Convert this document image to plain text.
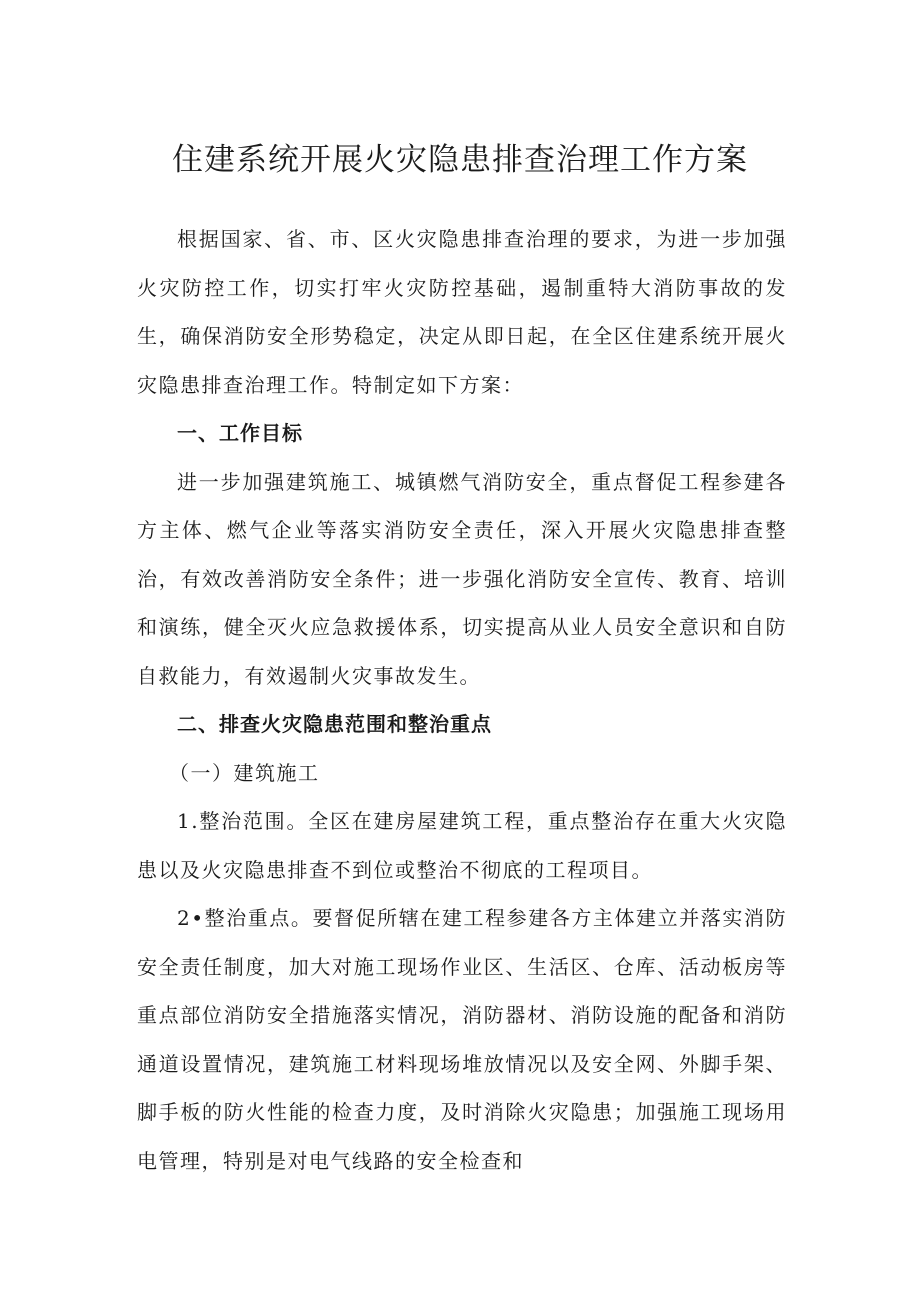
住建系统开展火灾隐患排查治理工作方案

根据国家、省、市、区火灾隐患排查治理的要求，为进一步加强火灾防控工作，切实打牢火灾防控基础，遏制重特大消防事故的发生，确保消防安全形势稳定，决定从即日起，在全区住建系统开展火灾隐患排查治理工作。特制定如下方案：

一、工作目标

进一步加强建筑施工、城镇燃气消防安全，重点督促工程参建各方主体、燃气企业等落实消防安全责任，深入开展火灾隐患排查整治，有效改善消防安全条件；进一步强化消防安全宣传、教育、培训和演练，健全灭火应急救援体系，切实提高从业人员安全意识和自防自救能力，有效遏制火灾事故发生。

二、排查火灾隐患范围和整治重点

（一）建筑施工

1.整治范围。全区在建房屋建筑工程，重点整治存在重大火灾隐患以及火灾隐患排查不到位或整治不彻底的工程项目。

2•整治重点。要督促所辖在建工程参建各方主体建立并落实消防安全责任制度，加大对施工现场作业区、生活区、仓库、活动板房等重点部位消防安全措施落实情况，消防器材、消防设施的配备和消防通道设置情况，建筑施工材料现场堆放情况以及安全网、外脚手架、脚手板的防火性能的检查力度，及时消除火灾隐患；加强施工现场用电管理，特别是对电气线路的安全检查和
